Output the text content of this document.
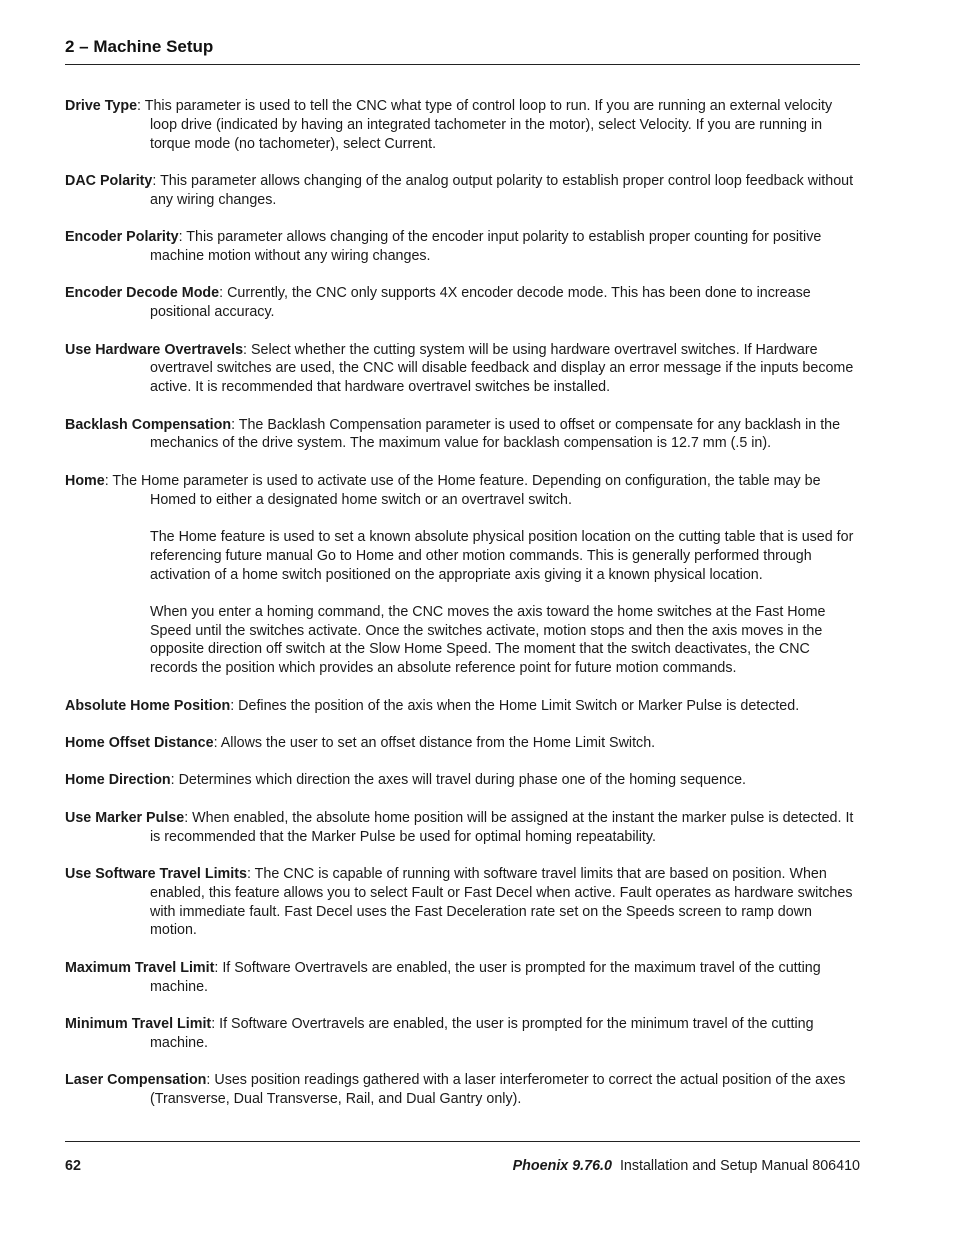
2 – Machine Setup

Drive Type: This parameter is used to tell the CNC what type of control loop to run. If you are running an external velocity loop drive (indicated by having an integrated tachometer in the motor), select Velocity. If you are running in torque mode (no tachometer), select Current.

DAC Polarity: This parameter allows changing of the analog output polarity to establish proper control loop feedback without any wiring changes.

Encoder Polarity: This parameter allows changing of the encoder input polarity to establish proper counting for positive machine motion without any wiring changes.

Encoder Decode Mode: Currently, the CNC only supports 4X encoder decode mode. This has been done to increase positional accuracy.

Use Hardware Overtravels: Select whether the cutting system will be using hardware overtravel switches. If Hardware overtravel switches are used, the CNC will disable feedback and display an error message if the inputs become active. It is recommended that hardware overtravel switches be installed.

Backlash Compensation: The Backlash Compensation parameter is used to offset or compensate for any backlash in the mechanics of the drive system. The maximum value for backlash compensation is 12.7 mm (.5 in).

Home: The Home parameter is used to activate use of the Home feature. Depending on configuration, the table may be Homed to either a designated home switch or an overtravel switch.

The Home feature is used to set a known absolute physical position location on the cutting table that is used for referencing future manual Go to Home and other motion commands. This is generally performed through activation of a home switch positioned on the appropriate axis giving it a known physical location.

When you enter a homing command, the CNC moves the axis toward the home switches at the Fast Home Speed until the switches activate. Once the switches activate, motion stops and then the axis moves in the opposite direction off switch at the Slow Home Speed. The moment that the switch deactivates, the CNC records the position which provides an absolute reference point for future motion commands.

Absolute Home Position: Defines the position of the axis when the Home Limit Switch or Marker Pulse is detected.

Home Offset Distance: Allows the user to set an offset distance from the Home Limit Switch.

Home Direction: Determines which direction the axes will travel during phase one of the homing sequence.

Use Marker Pulse: When enabled, the absolute home position will be assigned at the instant the marker pulse is detected. It is recommended that the Marker Pulse be used for optimal homing repeatability.

Use Software Travel Limits: The CNC is capable of running with software travel limits that are based on position. When enabled, this feature allows you to select Fault or Fast Decel when active. Fault operates as hardware switches with immediate fault. Fast Decel uses the Fast Deceleration rate set on the Speeds screen to ramp down motion.

Maximum Travel Limit: If Software Overtravels are enabled, the user is prompted for the maximum travel of the cutting machine.

Minimum Travel Limit: If Software Overtravels are enabled, the user is prompted for the minimum travel of the cutting machine.

Laser Compensation: Uses position readings gathered with a laser interferometer to correct the actual position of the axes (Transverse, Dual Transverse, Rail, and Dual Gantry only).

62	Phoenix 9.76.0 Installation and Setup Manual 806410
